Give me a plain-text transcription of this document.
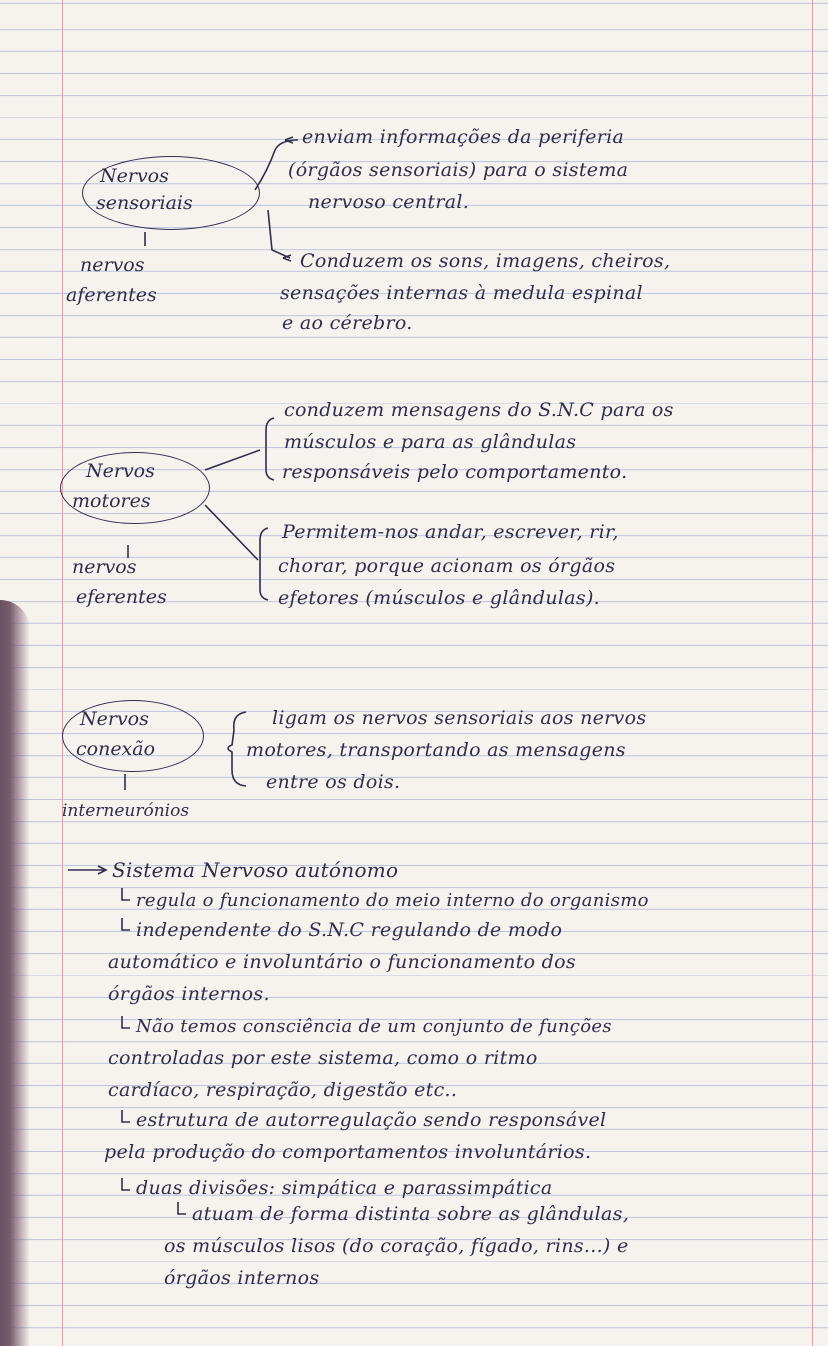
Nervos
sensoriais
nervos
aferentes
enviam informações da periferia
(órgãos sensoriais) para o sistema
nervoso central.
Conduzem os sons, imagens, cheiros,
sensações internas à medula espinal
e ao cérebro.
Nervos
motores
nervos
eferentes
conduzem mensagens do S.N.C para os
músculos e para as glândulas
responsáveis pelo comportamento.
Permitem-nos andar, escrever, rir,
chorar, porque acionam os órgãos
efetores (músculos e glândulas).
Nervos
conexão
interneurónios
ligam os nervos sensoriais aos nervos
motores, transportando as mensagens
entre os dois.
Sistema Nervoso autónomo
regula o funcionamento do meio interno do organismo
independente do S.N.C regulando de modo
automático e involuntário o funcionamento dos
órgãos internos.
Não temos consciência de um conjunto de funções
controladas por este sistema, como o ritmo
cardíaco, respiração, digestão etc..
estrutura de autorregulação sendo responsável
pela produção do comportamentos involuntários.
duas divisões: simpática e parassimpática
atuam de forma distinta sobre as glândulas,
os músculos lisos (do coração, fígado, rins...) e
órgãos internos
